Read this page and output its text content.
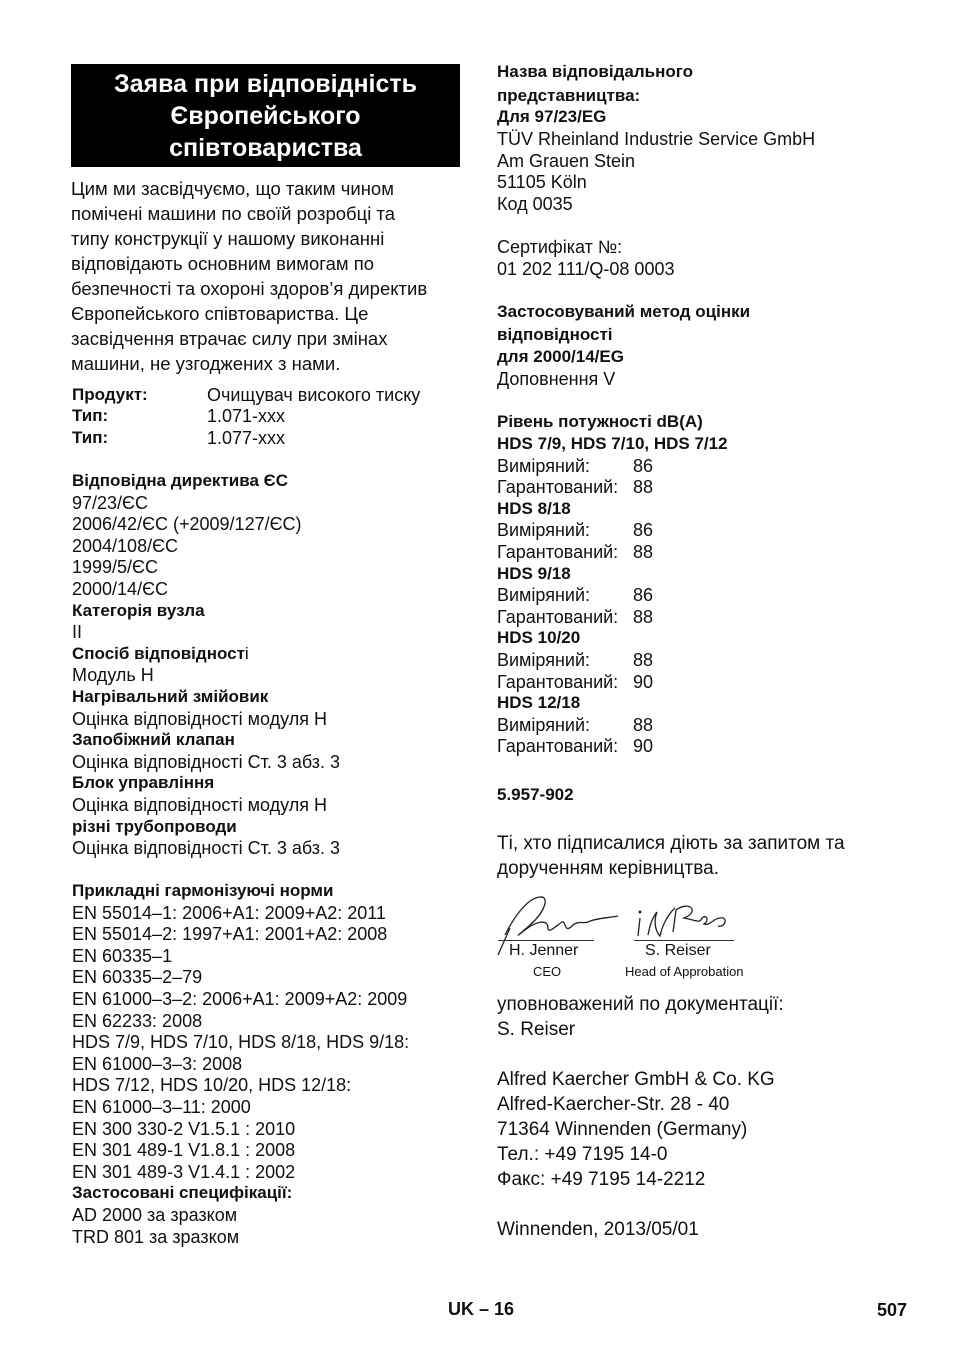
Заява при відповідність
Європейського
співтовариства
Цим ми засвідчуємо, що таким чином
помічені машини по своїй розробці та
типу конструкції у нашому виконанні
відповідають основним вимогам по
безпечності та охороні здоров’я директив
Європейського співтовариства. Це
засвідчення втрачає силу при змінах
машини, не узгоджених з нами.
Продукт:	Очищувач високого тиску
Тип:	1.071-xxx
Тип:	1.077-xxx
Відповідна директива ЄС
97/23/ЄС
2006/42/ЄС (+2009/127/ЄС)
2004/108/ЄС
1999/5/ЄС
2000/14/ЄС
Категорія вузла
II
Спосіб відповідності
Модуль H
Нагрівальний змійовик
Оцінка відповідності модуля H
Запобіжний клапан
Оцінка відповідності Ст. 3 абз. 3
Блок управління
Оцінка відповідності модуля H
різні трубопроводи
Оцінка відповідності Ст. 3 абз. 3
Прикладні гармонізуючі норми
EN 55014–1: 2006+A1: 2009+A2: 2011
EN 55014–2: 1997+A1: 2001+A2: 2008
EN 60335–1
EN 60335–2–79
EN 61000–3–2: 2006+A1: 2009+A2: 2009
EN 62233: 2008
HDS 7/9, HDS 7/10, HDS 8/18, HDS 9/18:
EN 61000–3–3: 2008
HDS 7/12, HDS 10/20, HDS 12/18:
EN 61000–3–11: 2000
EN 300 330-2 V1.5.1 : 2010
EN 301 489-1 V1.8.1 : 2008
EN 301 489-3 V1.4.1 : 2002
Застосовані специфікації:
AD 2000 за зразком
TRD 801 за зразком
Назва відповідального
представництва:
Для 97/23/EG
TÜV Rheinland Industrie Service GmbH
Am Grauen Stein
51105 Köln
Код 0035
Сертифікат №:
01 202 111/Q-08 0003
Застосовуваний метод оцінки
відповідності
для 2000/14/EG
Доповнення V
Рівень потужності dB(A)
HDS 7/9, HDS 7/10, HDS 7/12
Виміряний: 86
Гарантований: 88
HDS 8/18
Виміряний: 86
Гарантований: 88
HDS 9/18
Виміряний: 86
Гарантований: 88
HDS 10/20
Виміряний: 88
Гарантований: 90
HDS 12/18
Виміряний: 88
Гарантований: 90
5.957-902
Ті, хто підписалися діють за запитом та
дорученням керівництва.
H. Jenner
CEO
S. Reiser
Head of Approbation
уповноважений по документації:
S. Reiser
Alfred Kaercher GmbH & Co. KG
Alfred-Kaercher-Str. 28 - 40
71364 Winnenden (Germany)
Тел.: +49 7195 14-0
Факс: +49 7195 14-2212
Winnenden, 2013/05/01
UK – 16	507
